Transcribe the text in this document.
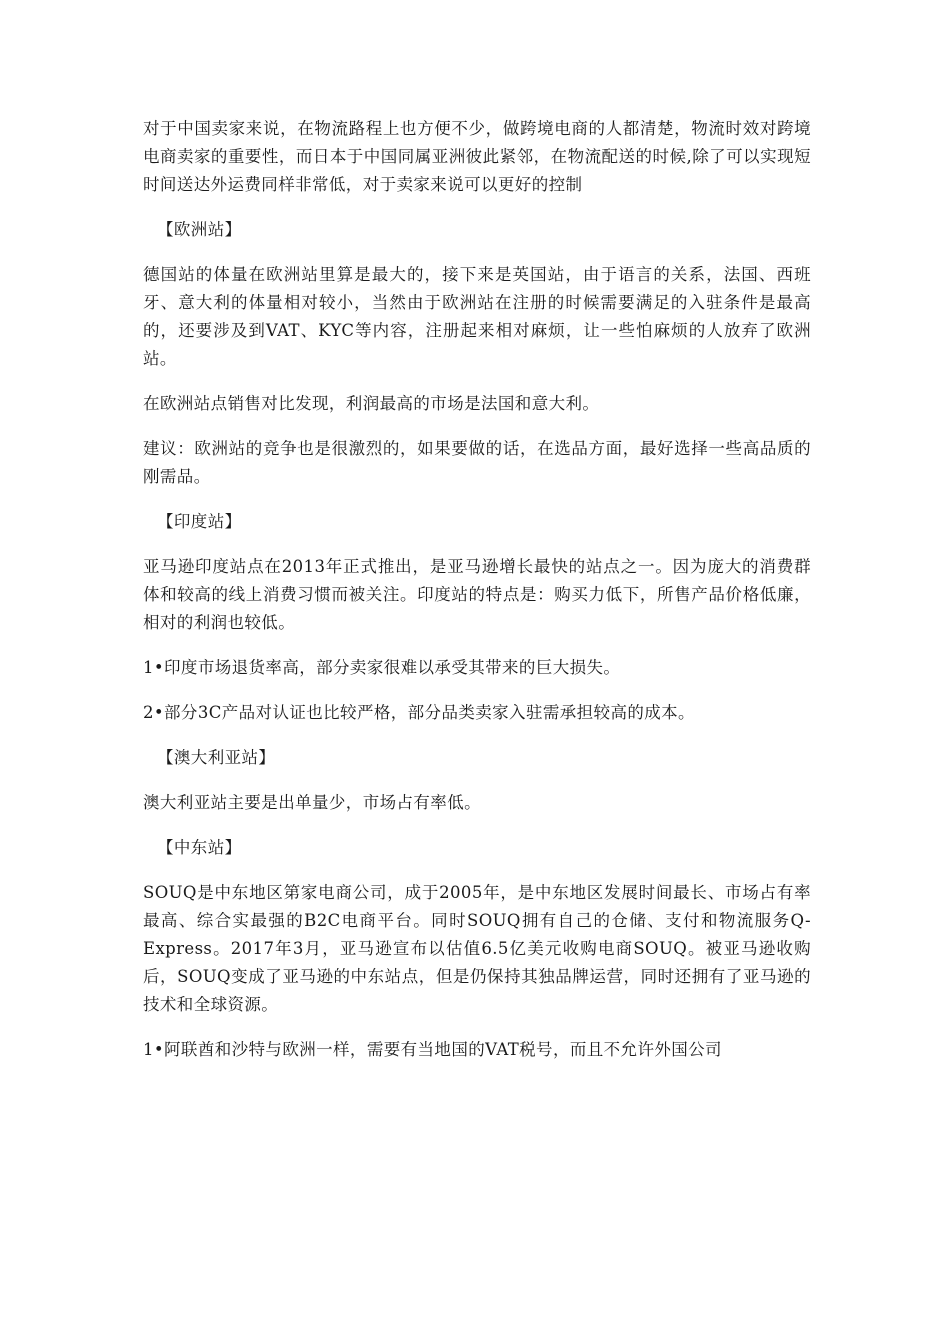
对于中国卖家来说，在物流路程上也方便不少，做跨境电商的人都清楚，物流时效对跨境电商卖家的重要性，而日本于中国同属亚洲彼此紧邻，在物流配送的时候,除了可以实现短时间送达外运费同样非常低，对于卖家来说可以更好的控制

【欧洲站】

德国站的体量在欧洲站里算是最大的，接下来是英国站，由于语言的关系，法国、西班牙、意大利的体量相对较小，当然由于欧洲站在注册的时候需要满足的入驻条件是最高的，还要涉及到VAT、KYC等内容，注册起来相对麻烦，让一些怕麻烦的人放弃了欧洲站。

在欧洲站点销售对比发现，利润最高的市场是法国和意大利。

建议：欧洲站的竞争也是很激烈的，如果要做的话，在选品方面，最好选择一些高品质的刚需品。

【印度站】

亚马逊印度站点在2013年正式推出，是亚马逊增长最快的站点之一。因为庞大的消费群体和较高的线上消费习惯而被关注。印度站的特点是：购买力低下，所售产品价格低廉，相对的利润也较低。

1•印度市场退货率高，部分卖家很难以承受其带来的巨大损失。

2•部分3C产品对认证也比较严格，部分品类卖家入驻需承担较高的成本。

【澳大利亚站】

澳大利亚站主要是出单量少，市场占有率低。

【中东站】

SOUQ是中东地区第家电商公司，成于2005年，是中东地区发展时间最长、市场占有率最高、综合实最强的B2C电商平台。同时SOUQ拥有自己的仓储、支付和物流服务Q-Express。2017年3月，亚马逊宣布以估值6.5亿美元收购电商SOUQ。被亚马逊收购后，SOUQ变成了亚马逊的中东站点，但是仍保持其独品牌运营，同时还拥有了亚马逊的技术和全球资源。

1•阿联酋和沙特与欧洲一样，需要有当地国的VAT税号，而且不允许外国公司
